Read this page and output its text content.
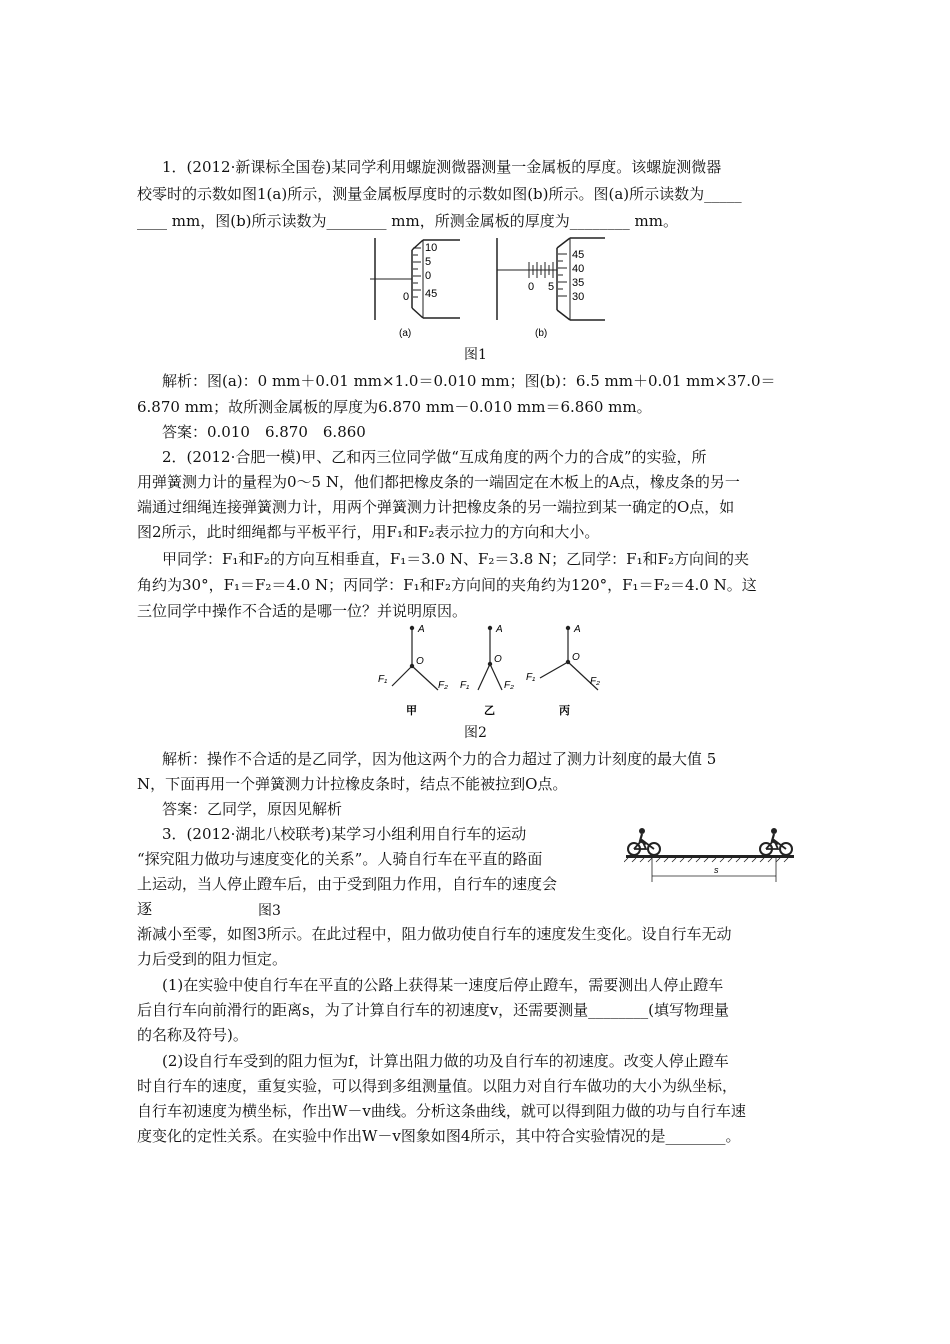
1．(2012·新课标全国卷)某同学利用螺旋测微器测量一金属板的厚度。该螺旋测微器
校零时的示数如图1(a)所示，测量金属板厚度时的示数如图(b)所示。图(a)所示读数为_____
____ mm，图(b)所示读数为________ mm，所测金属板的厚度为________ mm。
10
5
0
45
0
(a)
45
40
35
30
0 5
(b)
图1
解析：图(a)：0 mm＋0.01 mm×1.0＝0.010 mm；图(b)：6.5 mm＋0.01 mm×37.0＝
6.870 mm；故所测金属板的厚度为6.870 mm－0.010 mm＝6.860 mm。
答案：0.010　6.870　6.860
2．(2012·合肥一模)甲、乙和丙三位同学做“互成角度的两个力的合成”的实验，所
用弹簧测力计的量程为0～5 N，他们都把橡皮条的一端固定在木板上的A点，橡皮条的另一
端通过细绳连接弹簧测力计，用两个弹簧测力计把橡皮条的另一端拉到某一确定的O点，如
图2所示，此时细绳都与平板平行，用F₁和F₂表示拉力的方向和大小。
甲同学：F₁和F₂的方向互相垂直，F₁＝3.0 N、F₂＝3.8 N；乙同学：F₁和F₂方向间的夹
角约为30°，F₁＝F₂＝4.0 N；丙同学：F₁和F₂方向间的夹角约为120°，F₁＝F₂＝4.0 N。这
三位同学中操作不合适的是哪一位？并说明原因。
A
O
F₁
F₂
甲
A
O
F₁	F₂
乙
A
O
F₁	F₂
丙
图2
解析：操作不合适的是乙同学，因为他这两个力的合力超过了测力计刻度的最大值 5
N，下面再用一个弹簧测力计拉橡皮条时，结点不能被拉到O点。
答案：乙同学，原因见解析
3．(2012·湖北八校联考)某学习小组利用自行车的运动
“探究阻力做功与速度变化的关系”。人骑自行车在平直的路面
上运动，当人停止蹬车后，由于受到阻力作用，自行车的速度会
逐	图3
s
渐减小至零，如图3所示。在此过程中，阻力做功使自行车的速度发生变化。设自行车无动
力后受到的阻力恒定。
(1)在实验中使自行车在平直的公路上获得某一速度后停止蹬车，需要测出人停止蹬车
后自行车向前滑行的距离s，为了计算自行车的初速度v，还需要测量________(填写物理量
的名称及符号)。
(2)设自行车受到的阻力恒为f，计算出阻力做的功及自行车的初速度。改变人停止蹬车
时自行车的速度，重复实验，可以得到多组测量值。以阻力对自行车做功的大小为纵坐标，
自行车初速度为横坐标，作出W－v曲线。分析这条曲线，就可以得到阻力做的功与自行车速
度变化的定性关系。在实验中作出W－v图象如图4所示，其中符合实验情况的是________。
